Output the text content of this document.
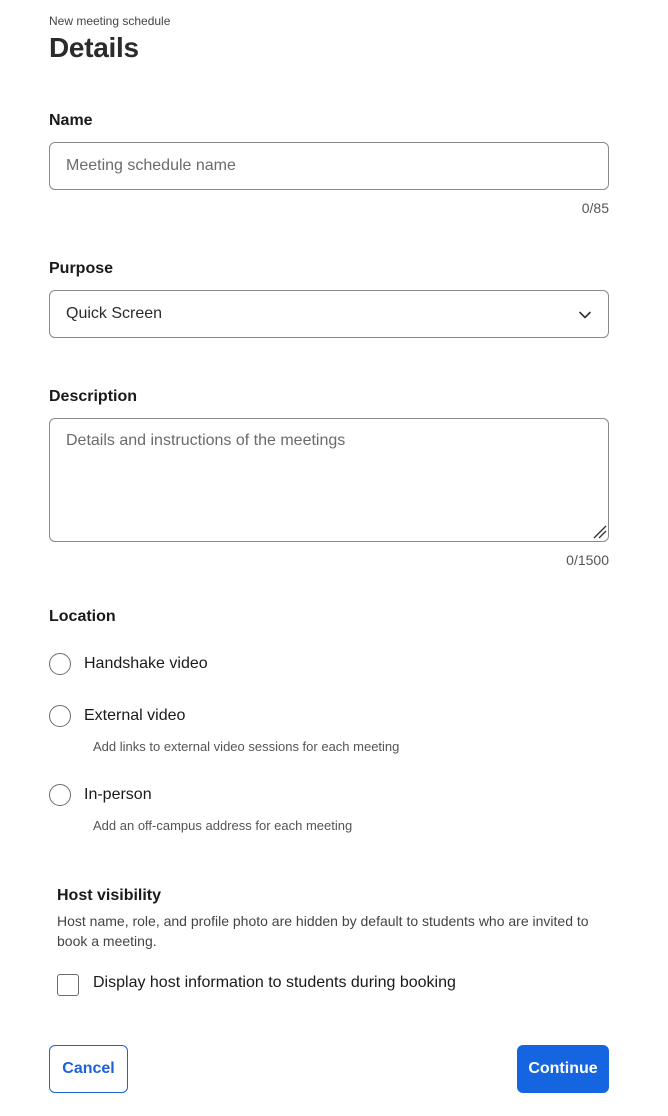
New meeting schedule
Details
Name
Meeting schedule name
0/85
Purpose
Quick Screen
Description
Details and instructions of the meetings
0/1500
Location
Handshake video
External video
Add links to external video sessions for each meeting
In-person
Add an off-campus address for each meeting
Host visibility
Host name, role, and profile photo are hidden by default to students who are invited to book a meeting.
Display host information to students during booking
Cancel	Continue
